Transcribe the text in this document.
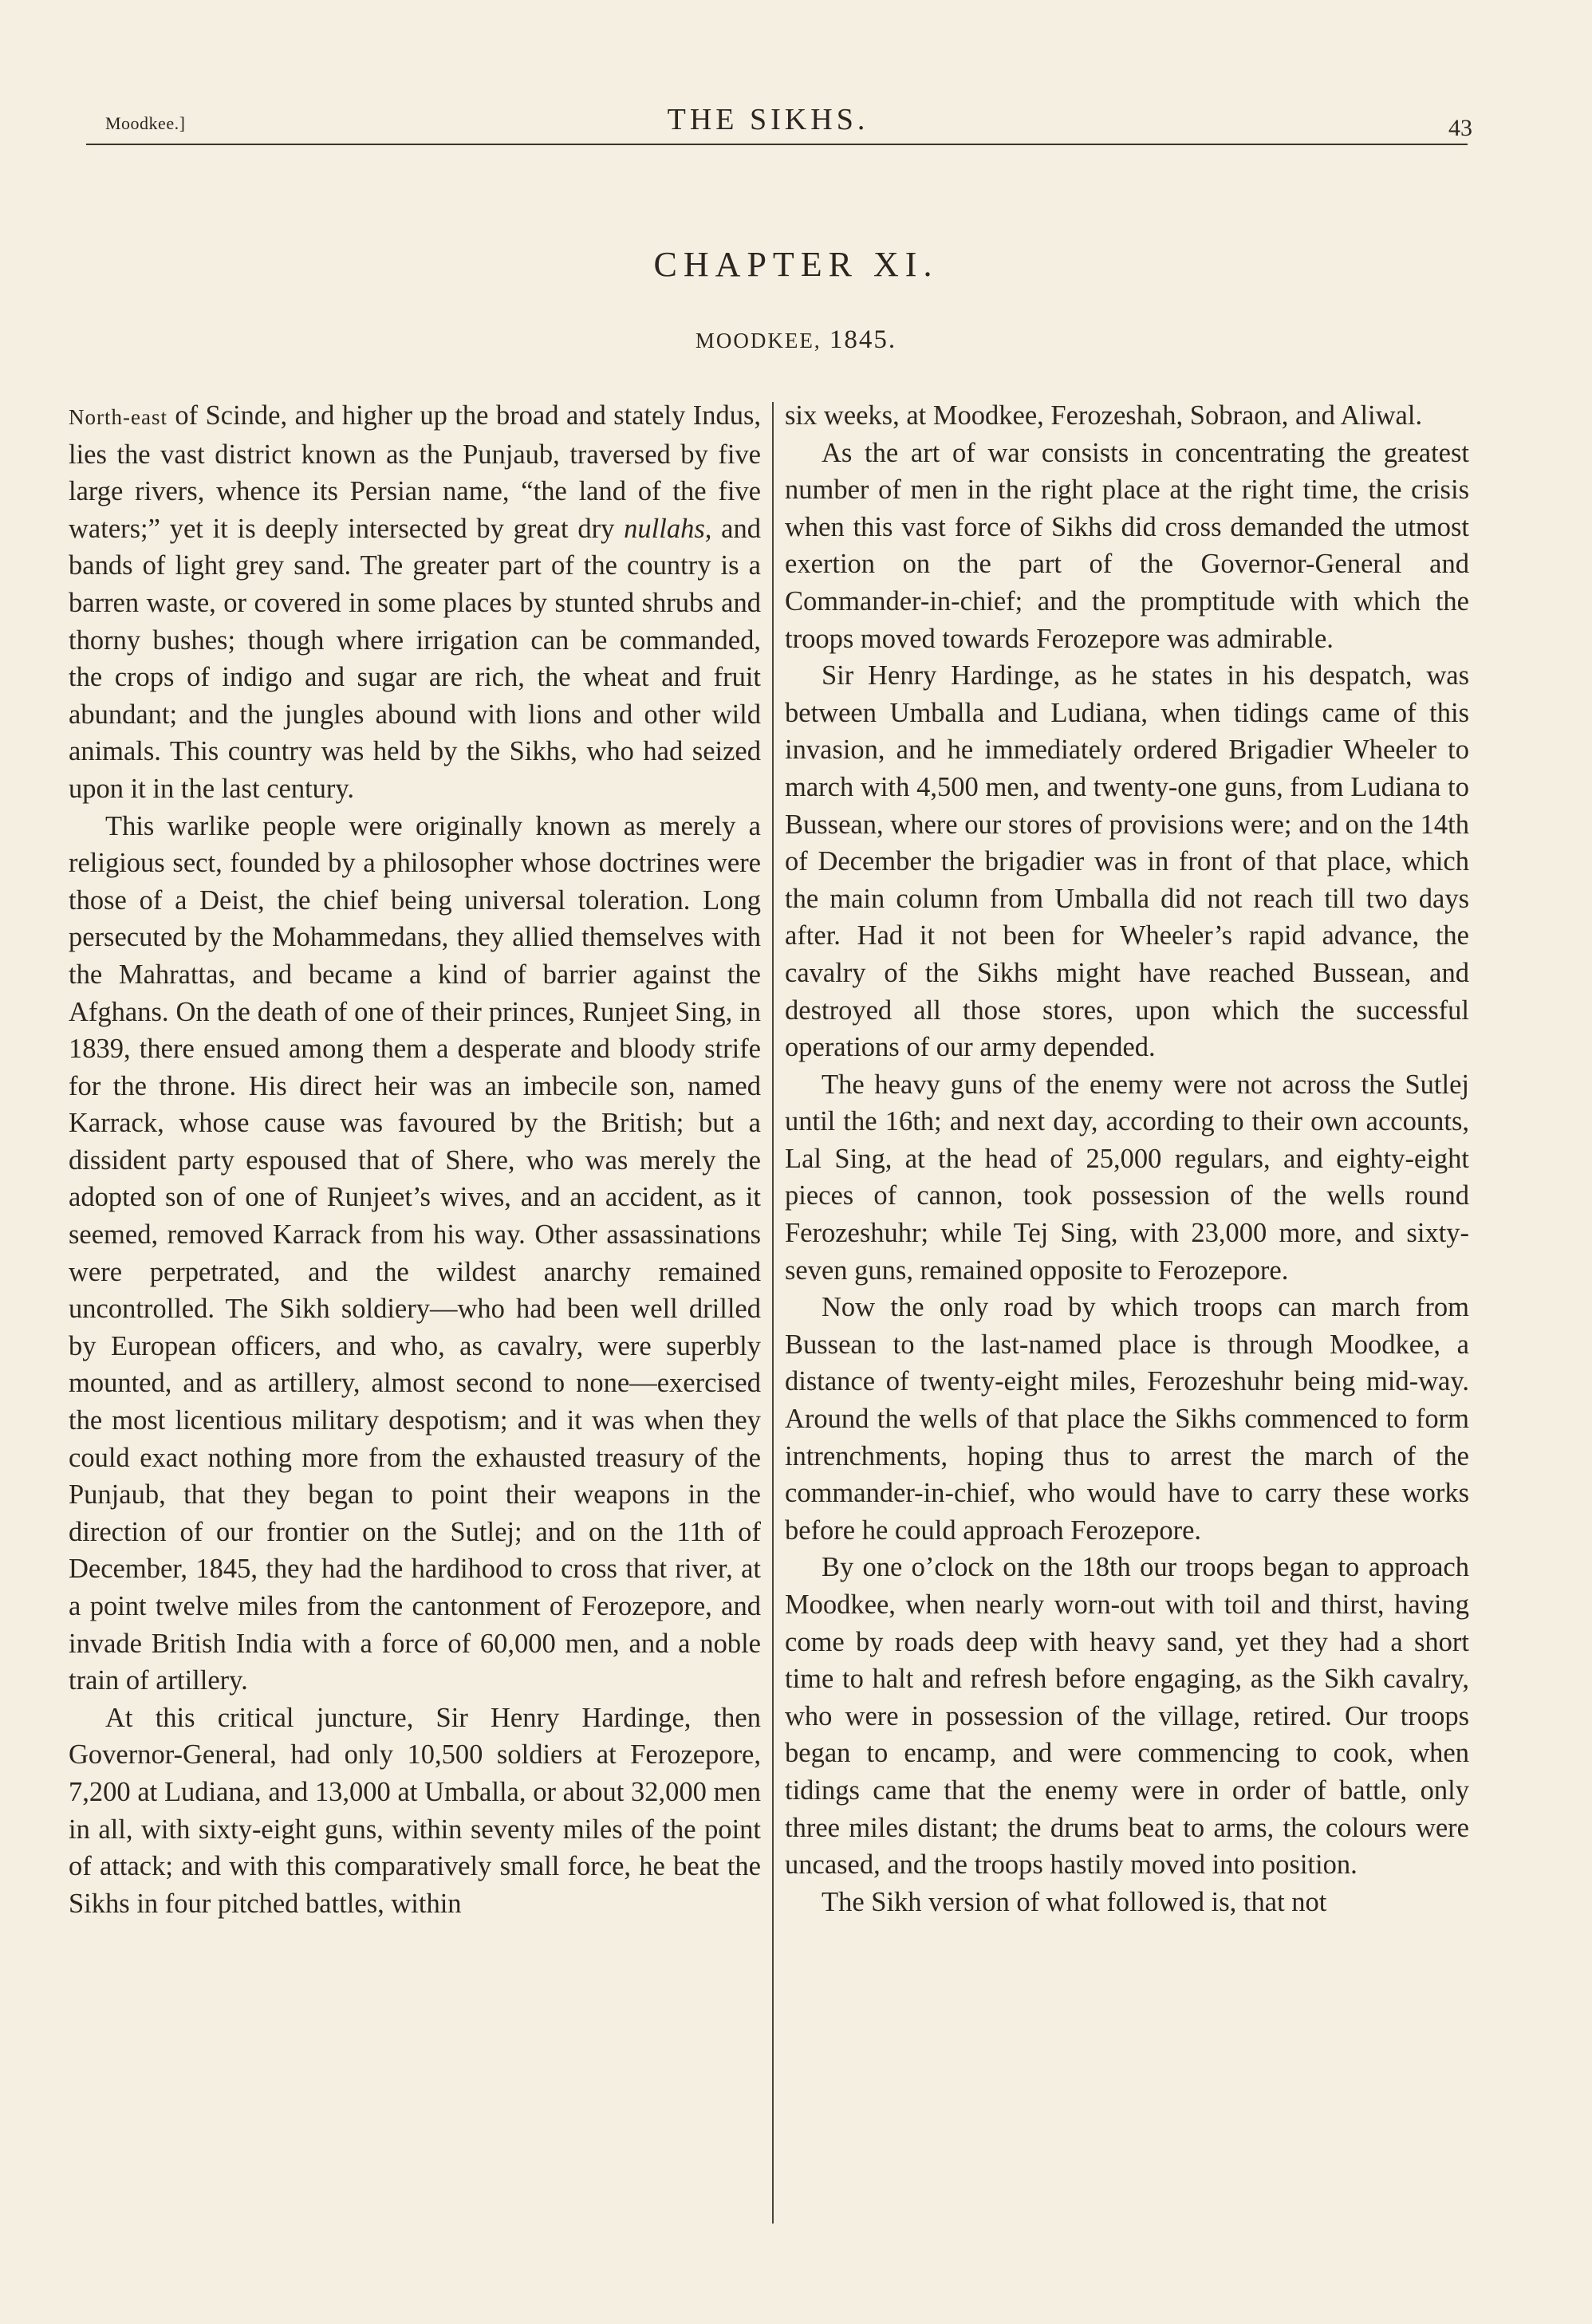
Moodkee.]	THE SIKHS.	43
CHAPTER XI.
MOODKEE, 1845.

North-east of Scinde, and higher up the broad and stately Indus, lies the vast district known as the Punjaub, traversed by five large rivers, whence its Persian name, “the land of the five waters;” yet it is deeply intersected by great dry nullahs, and bands of light grey sand. The greater part of the country is a barren waste, or covered in some places by stunted shrubs and thorny bushes; though where irrigation can be commanded, the crops of indigo and sugar are rich, the wheat and fruit abundant; and the jungles abound with lions and other wild animals. This country was held by the Sikhs, who had seized upon it in the last century.

This warlike people were originally known as merely a religious sect, founded by a philosopher whose doctrines were those of a Deist, the chief being universal toleration. Long persecuted by the Mohammedans, they allied themselves with the Mahrattas, and became a kind of barrier against the Afghans. On the death of one of their princes, Runjeet Sing, in 1839, there ensued among them a desperate and bloody strife for the throne. His direct heir was an imbecile son, named Karrack, whose cause was favoured by the British; but a dissident party espoused that of Shere, who was merely the adopted son of one of Runjeet’s wives, and an accident, as it seemed, removed Karrack from his way. Other assassinations were perpetrated, and the wildest anarchy remained uncontrolled. The Sikh soldiery—who had been well drilled by European officers, and who, as cavalry, were superbly mounted, and as artillery, almost second to none—exercised the most licentious military despotism; and it was when they could exact nothing more from the exhausted treasury of the Punjaub, that they began to point their weapons in the direction of our frontier on the Sutlej; and on the 11th of December, 1845, they had the hardihood to cross that river, at a point twelve miles from the cantonment of Ferozepore, and invade British India with a force of 60,000 men, and a noble train of artillery.

At this critical juncture, Sir Henry Hardinge, then Governor-General, had only 10,500 soldiers at Ferozepore, 7,200 at Ludiana, and 13,000 at Umballa, or about 32,000 men in all, with sixty-eight guns, within seventy miles of the point of attack; and with this comparatively small force, he beat the Sikhs in four pitched battles, within

six weeks, at Moodkee, Ferozeshah, Sobraon, and Aliwal.

As the art of war consists in concentrating the greatest number of men in the right place at the right time, the crisis when this vast force of Sikhs did cross demanded the utmost exertion on the part of the Governor-General and Commander-in-chief; and the promptitude with which the troops moved towards Ferozepore was admirable.

Sir Henry Hardinge, as he states in his despatch, was between Umballa and Ludiana, when tidings came of this invasion, and he immediately ordered Brigadier Wheeler to march with 4,500 men, and twenty-one guns, from Ludiana to Bussean, where our stores of provisions were; and on the 14th of December the brigadier was in front of that place, which the main column from Umballa did not reach till two days after. Had it not been for Wheeler’s rapid advance, the cavalry of the Sikhs might have reached Bussean, and destroyed all those stores, upon which the successful operations of our army depended.

The heavy guns of the enemy were not across the Sutlej until the 16th; and next day, according to their own accounts, Lal Sing, at the head of 25,000 regulars, and eighty-eight pieces of cannon, took possession of the wells round Ferozeshuhr; while Tej Sing, with 23,000 more, and sixty-seven guns, remained opposite to Ferozepore.

Now the only road by which troops can march from Bussean to the last-named place is through Moodkee, a distance of twenty-eight miles, Ferozeshuhr being mid-way. Around the wells of that place the Sikhs commenced to form intrenchments, hoping thus to arrest the march of the commander-in-chief, who would have to carry these works before he could approach Ferozepore.

By one o’clock on the 18th our troops began to approach Moodkee, when nearly worn-out with toil and thirst, having come by roads deep with heavy sand, yet they had a short time to halt and refresh before engaging, as the Sikh cavalry, who were in possession of the village, retired. Our troops began to encamp, and were commencing to cook, when tidings came that the enemy were in order of battle, only three miles distant; the drums beat to arms, the colours were uncased, and the troops hastily moved into position.

The Sikh version of what followed is, that not
